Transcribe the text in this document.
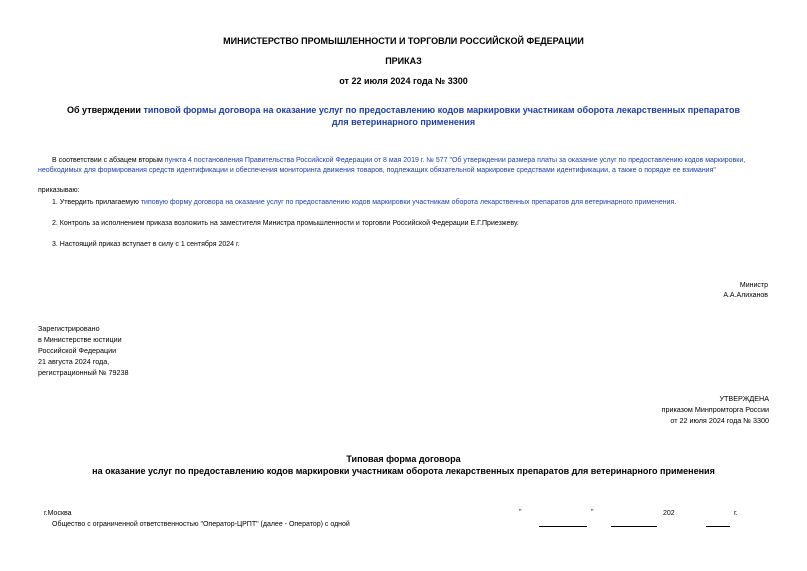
МИНИСТЕРСТВО ПРОМЫШЛЕННОСТИ И ТОРГОВЛИ РОССИЙСКОЙ ФЕДЕРАЦИИ
ПРИКАЗ
от 22 июля 2024 года № 3300
Об утверждении типовой формы договора на оказание услуг по предоставлению кодов маркировки участникам оборота лекарственных препаратов для ветеринарного применения
В соответствии с абзацем вторым пункта 4 постановления Правительства Российской Федерации от 8 мая 2019 г. № 577 "Об утверждении размера платы за оказание услуг по предоставлению кодов маркировки, необходимых для формирования средств идентификации и обеспечения мониторинга движения товаров, подлежащих обязательной маркировке средствами идентификации, а также о порядке ее взимания"
приказываю:
1. Утвердить прилагаемую типовую форму договора на оказание услуг по предоставлению кодов маркировки участникам оборота лекарственных препаратов для ветеринарного применения.
2. Контроль за исполнением приказа возложить на заместителя Министра промышленности и торговли Российской Федерации Е.Г.Приезжеву.
3. Настоящий приказ вступает в силу с 1 сентября 2024 г.
Министр
А.А.Алиханов
Зарегистрировано
в Министерстве юстиции
Российской Федерации
21 августа 2024 года,
регистрационный № 79238
УТВЕРЖДЕНА
приказом Минпромторга России
от 22 июля 2024 года № 3300
Типовая форма договора
на оказание услуг по предоставлению кодов маркировки участникам оборота лекарственных препаратов для ветеринарного применения
г.Москва	"	"	202	г.
Общество с ограниченной ответственностью "Оператор-ЦРПТ" (далее - Оператор) с одной
